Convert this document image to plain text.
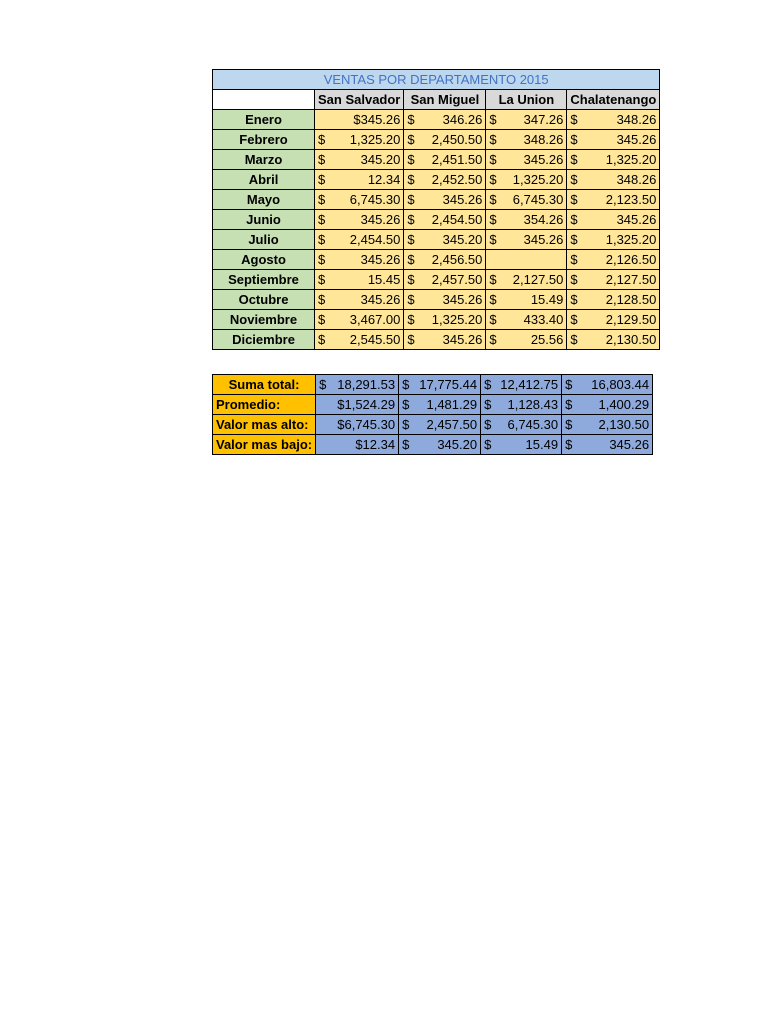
VENTAS POR DEPARTAMENTO 2015				
	San Salvador	San Miguel	La Union	Chalatenango
Enero	$345.26	$ 346.26	$ 347.26	$ 348.26

Febrero	$ 1,325.20	$ 2,450.50	$ 348.26	$ 345.26

Marzo	$ 345.20	$ 2,451.50	$ 345.26	$ 1,325.20

Abril	$ 12.34	$ 2,452.50	$ 1,325.20	$ 348.26

Mayo	$ 6,745.30	$ 345.26	$ 6,745.30	$ 2,123.50

Junio	$ 345.26	$ 2,454.50	$ 354.26	$ 345.26

Julio	$ 2,454.50	$ 345.20	$ 345.26	$ 1,325.20

Agosto	$ 345.26	$ 2,456.50		$ 2,126.50

Septiembre	$ 15.45	$ 2,457.50	$ 2,127.50	$ 2,127.50

Octubre	$ 345.26	$ 345.26	$ 15.49	$ 2,128.50

Noviembre	$ 3,467.00	$ 1,325.20	$ 433.40	$ 2,129.50

Diciembre	$ 2,545.50	$ 345.26	$ 25.56	$ 2,130.50
Suma total:	$ 18,291.53	$ 17,775.44	$ 12,412.75	$ 16,803.44

Promedio:	$1,524.29	$ 1,481.29	$ 1,128.43	$ 1,400.29

Valor mas alto:	$6,745.30	$ 2,457.50	$ 6,745.30	$ 2,130.50

Valor mas bajo:	$12.34	$ 345.20	$ 15.49	$ 345.26
